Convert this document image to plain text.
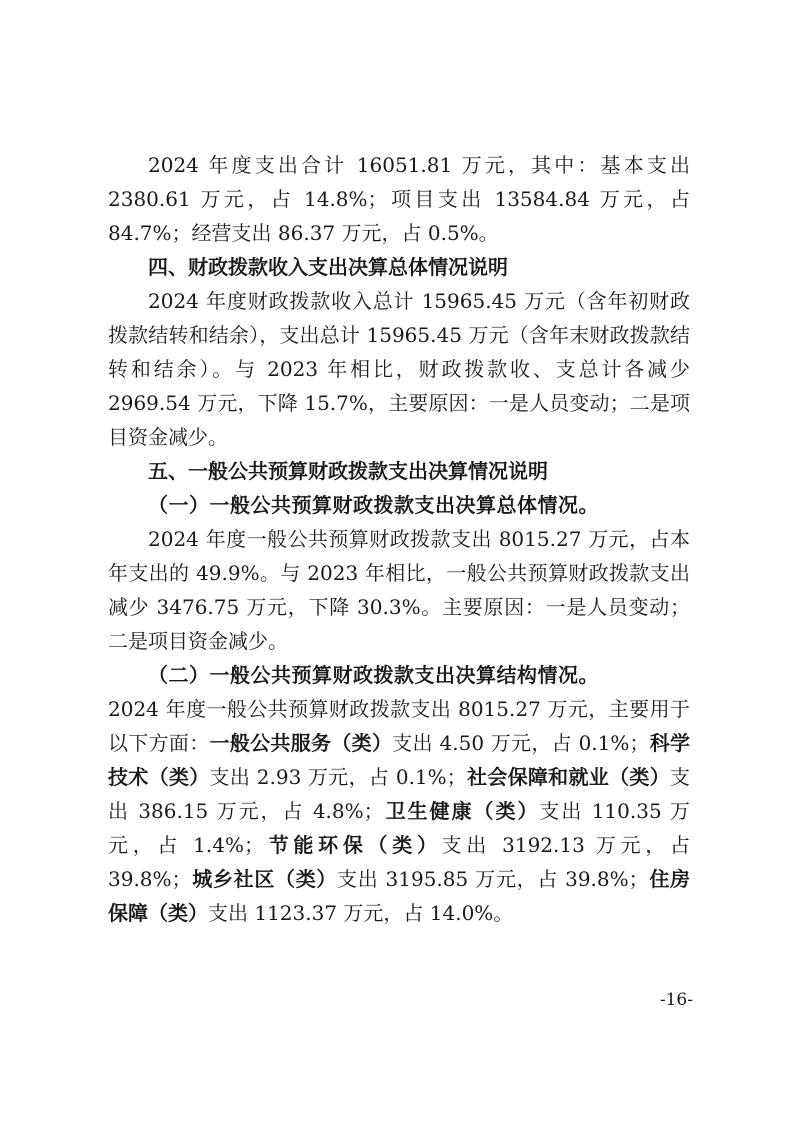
2024 年度支出合计 16051.81 万元，其中：基本支出 2380.61 万元，占 14.8%；项目支出 13584.84 万元，占 84.7%；经营支出 86.37 万元，占 0.5%。

四、财政拨款收入支出决算总体情况说明

2024 年度财政拨款收入总计 15965.45 万元（含年初财政拨款结转和结余），支出总计 15965.45 万元（含年末财政拨款结转和结余）。与 2023 年相比，财政拨款收、支总计各减少 2969.54 万元，下降 15.7%，主要原因：一是人员变动；二是项目资金减少。

五、一般公共预算财政拨款支出决算情况说明

（一）一般公共预算财政拨款支出决算总体情况。

2024 年度一般公共预算财政拨款支出 8015.27 万元，占本年支出的 49.9%。与 2023 年相比，一般公共预算财政拨款支出减少 3476.75 万元，下降 30.3%。主要原因：一是人员变动；二是项目资金减少。

（二）一般公共预算财政拨款支出决算结构情况。

2024 年度一般公共预算财政拨款支出 8015.27 万元，主要用于以下方面：一般公共服务（类）支出 4.50 万元，占 0.1%；科学技术（类）支出 2.93 万元，占 0.1%；社会保障和就业（类）支出 386.15 万元，占 4.8%；卫生健康（类）支出 110.35 万元，占 1.4%；节能环保（类）支出 3192.13 万元，占 39.8%；城乡社区（类）支出 3195.85 万元，占 39.8%；住房保障（类）支出 1123.37 万元，占 14.0%。

-16-
